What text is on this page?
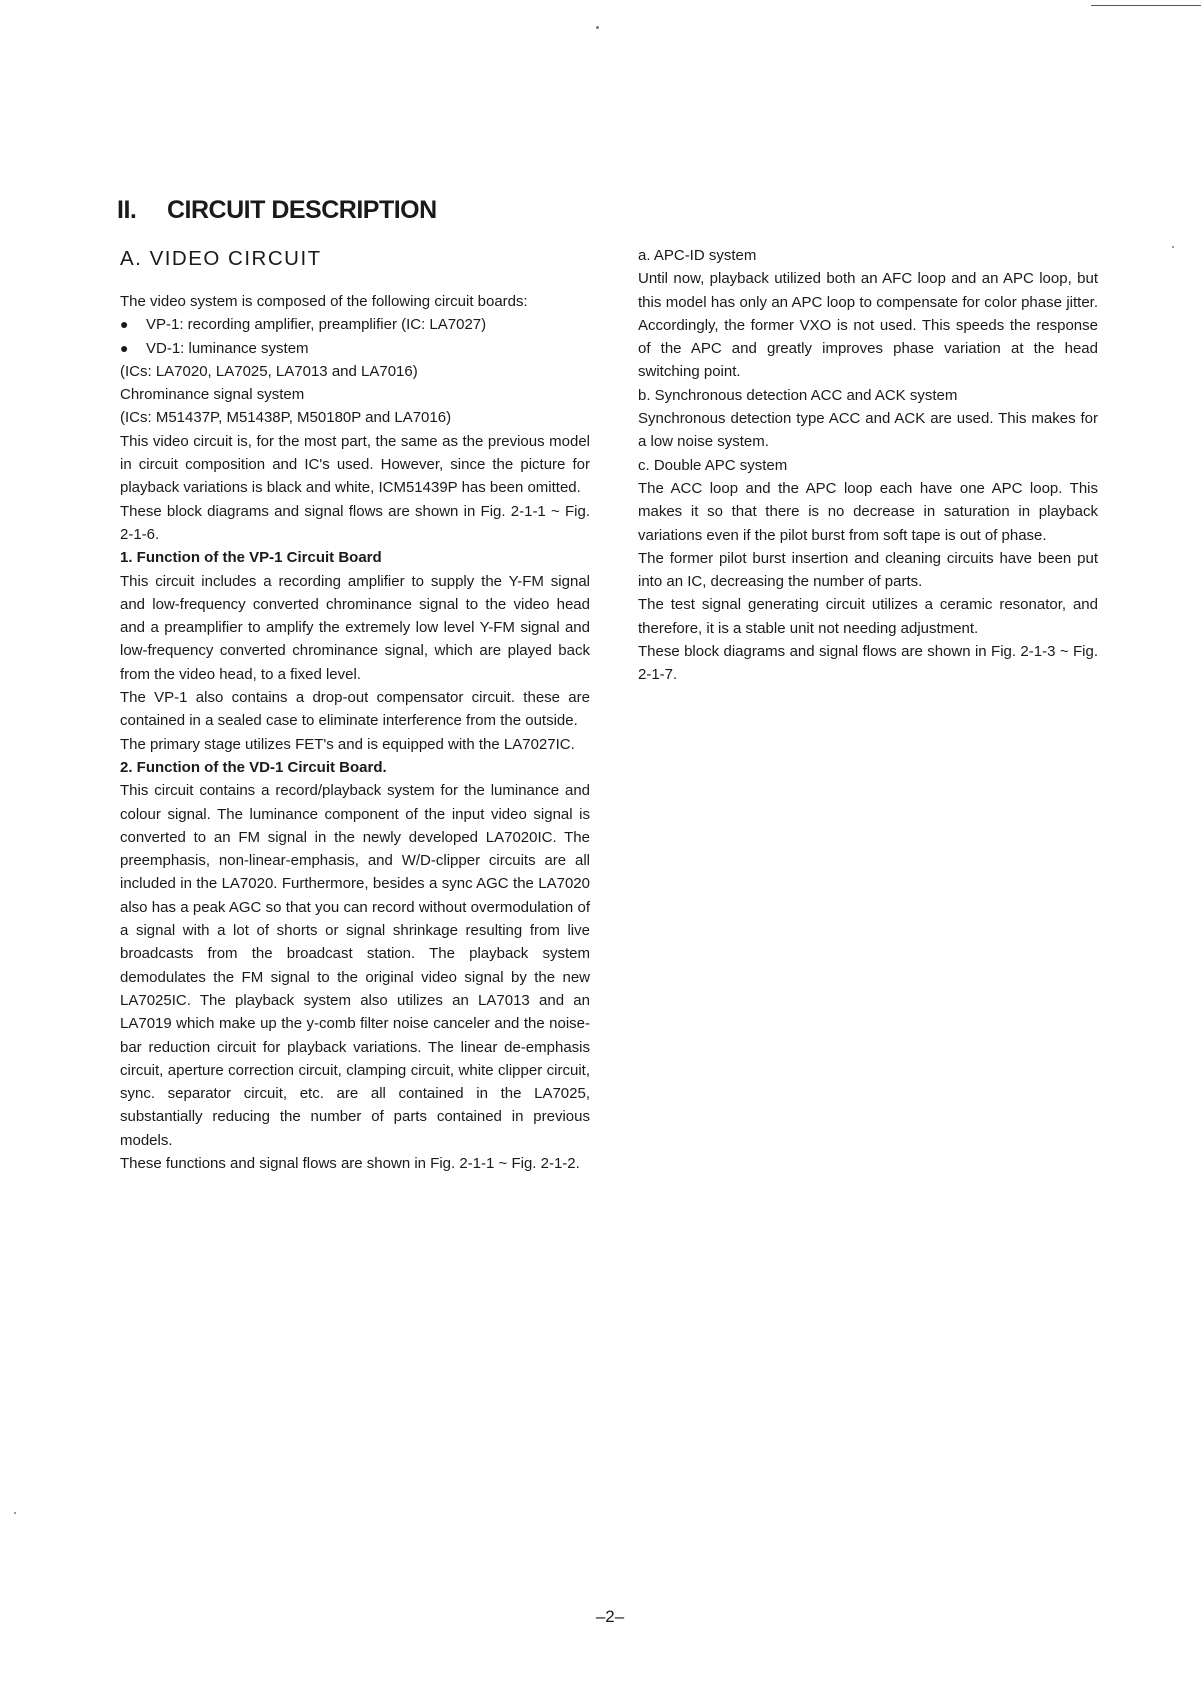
II. CIRCUIT DESCRIPTION
A. VIDEO CIRCUIT

The video system is composed of the following circuit boards:

●	VP-1: recording amplifier, preamplifier (IC: LA7027)
●	VD-1: luminance system

(ICs: LA7020, LA7025, LA7013 and LA7016)

Chrominance signal system

(ICs: M51437P, M51438P, M50180P and LA7016)

This video circuit is, for the most part, the same as the previous model in circuit composition and IC's used. However, since the picture for playback variations is black and white, ICM51439P has been omitted.

These block diagrams and signal flows are shown in Fig. 2-1-1 ~ Fig. 2-1-6.

1. Function of the VP-1 Circuit Board

This circuit includes a recording amplifier to supply the Y-FM signal and low-frequency converted chrominance signal to the video head and a preamplifier to amplify the extremely low level Y-FM signal and low-frequency converted chrominance signal, which are played back from the video head, to a fixed level.

The VP-1 also contains a drop-out compensator circuit. these are contained in a sealed case to eliminate interference from the outside.

The primary stage utilizes FET's and is equipped with the LA7027IC.

2. Function of the VD-1 Circuit Board.

This circuit contains a record/playback system for the luminance and colour signal. The luminance component of the input video signal is converted to an FM signal in the newly developed LA7020IC. The preemphasis, non-linear-emphasis, and W/D-clipper circuits are all included in the LA7020. Furthermore, besides a sync AGC the LA7020 also has a peak AGC so that you can record without overmodulation of a signal with a lot of shorts or signal shrinkage resulting from live broadcasts from the broadcast station. The playback system demodulates the FM signal to the original video signal by the new LA7025IC. The playback system also utilizes an LA7013 and an LA7019 which make up the y-comb filter noise canceler and the noise-bar reduction circuit for playback variations. The linear de-emphasis circuit, aperture correction circuit, clamping circuit, white clipper circuit, sync. separator circuit, etc. are all contained in the LA7025, substantially reducing the number of parts contained in previous models.

These functions and signal flows are shown in Fig. 2-1-1 ~ Fig. 2-1-2.

a. APC-ID system

Until now, playback utilized both an AFC loop and an APC loop, but this model has only an APC loop to compensate for color phase jitter. Accordingly, the former VXO is not used. This speeds the response of the APC and greatly improves phase variation at the head switching point.

b. Synchronous detection ACC and ACK system

Synchronous detection type ACC and ACK are used. This makes for a low noise system.

c. Double APC system

The ACC loop and the APC loop each have one APC loop. This makes it so that there is no decrease in saturation in playback variations even if the pilot burst from soft tape is out of phase.

The former pilot burst insertion and cleaning circuits have been put into an IC, decreasing the number of parts.

The test signal generating circuit utilizes a ceramic resonator, and therefore, it is a stable unit not needing adjustment.

These block diagrams and signal flows are shown in Fig. 2-1-3 ~ Fig. 2-1-7.

–2–
